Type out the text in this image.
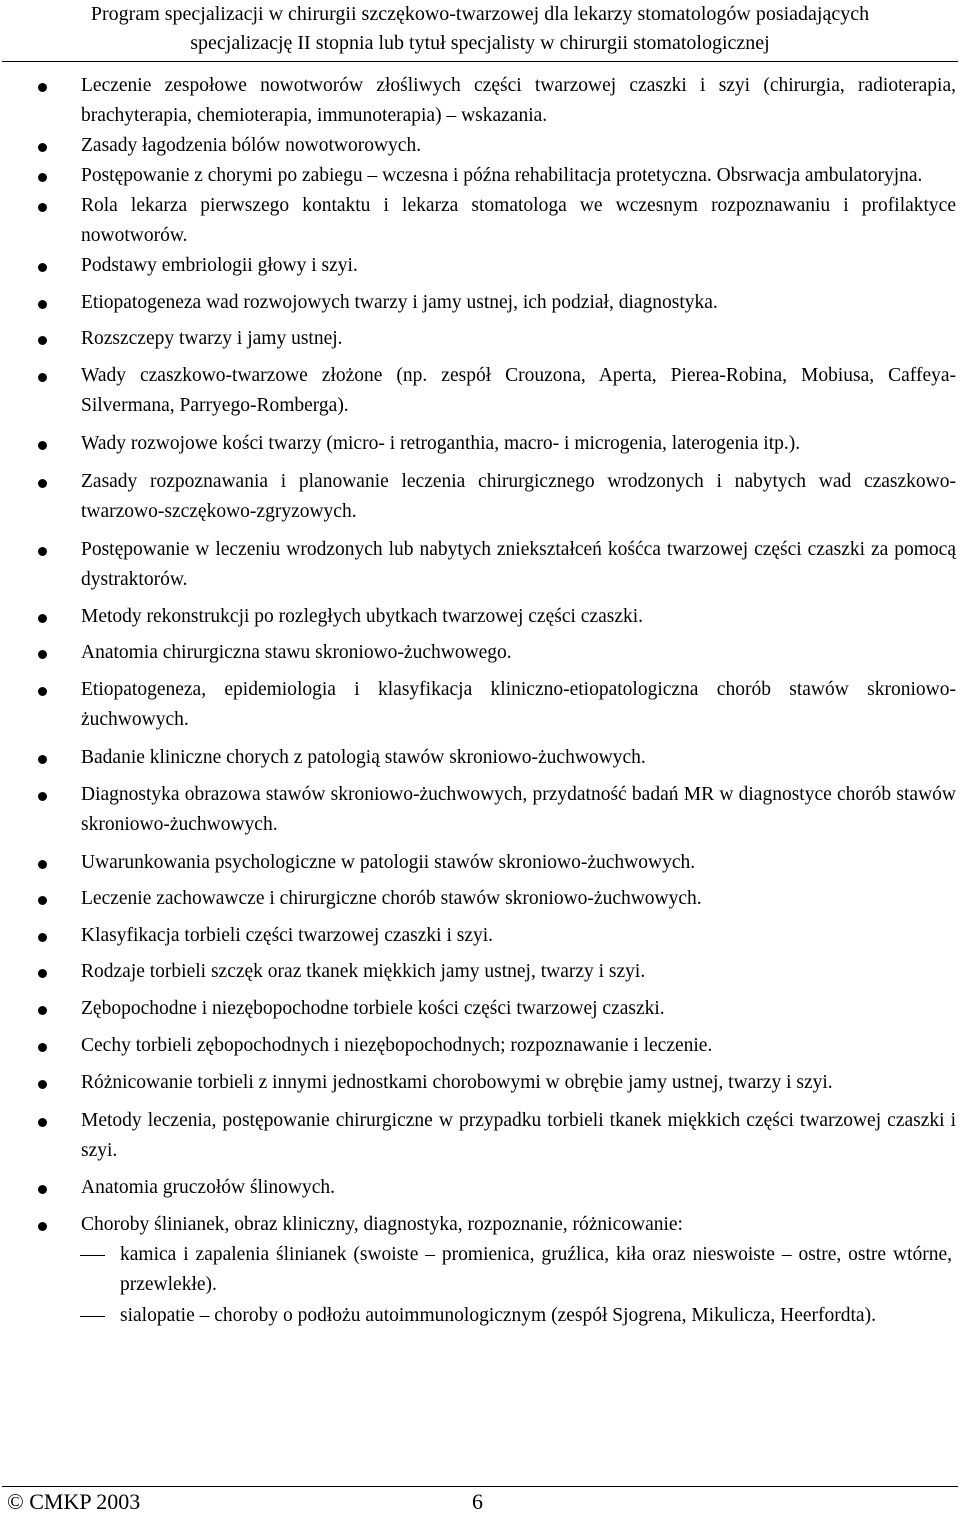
Program specjalizacji w chirurgii szczękowo-twarzowej dla lekarzy stomatologów posiadających
specjalizację II stopnia lub tytuł specjalisty w chirurgii stomatologicznej
Leczenie zespołowe nowotworów złośliwych części twarzowej czaszki i szyi (chirurgia, radioterapia, brachyterapia, chemioterapia, immunoterapia) – wskazania.
Zasady łagodzenia bólów nowotworowych.
Postępowanie z chorymi po zabiegu – wczesna i późna rehabilitacja protetyczna. Obsrwacja ambulatoryjna.
Rola lekarza pierwszego kontaktu i lekarza stomatologa we wczesnym rozpoznawaniu i profilaktyce nowotworów.
Podstawy embriologii głowy i szyi.
Etiopatogeneza wad rozwojowych twarzy i jamy ustnej, ich podział, diagnostyka.
Rozszczepy twarzy i jamy ustnej.
Wady czaszkowo-twarzowe złożone (np. zespół Crouzona, Aperta, Pierea-Robina, Mobiusa, Caffeya-Silvermana, Parryego-Romberga).
Wady rozwojowe kości twarzy (micro- i retroganthia, macro- i microgenia, laterogenia itp.).
Zasady rozpoznawania i planowanie leczenia chirurgicznego wrodzonych i nabytych wad czaszkowo-twarzowo-szczękowo-zgryzowych.
Postępowanie w leczeniu wrodzonych lub nabytych zniekształceń kośćca twarzowej części czaszki za pomocą dystraktorów.
Metody rekonstrukcji po rozległych ubytkach twarzowej części czaszki.
Anatomia chirurgiczna stawu skroniowo-żuchwowego.
Etiopatogeneza, epidemiologia i klasyfikacja kliniczno-etiopatologiczna chorób stawów skroniowo-żuchwowych.
Badanie kliniczne chorych z patologią stawów skroniowo-żuchwowych.
Diagnostyka obrazowa stawów skroniowo-żuchwowych, przydatność badań MR w diagnostyce chorób stawów skroniowo-żuchwowych.
Uwarunkowania psychologiczne w patologii stawów skroniowo-żuchwowych.
Leczenie zachowawcze i chirurgiczne chorób stawów skroniowo-żuchwowych.
Klasyfikacja torbieli części twarzowej czaszki i szyi.
Rodzaje torbieli szczęk oraz tkanek miękkich jamy ustnej, twarzy i szyi.
Zębopochodne i niezębopochodne torbiele kości części twarzowej czaszki.
Cechy torbieli zębopochodnych i niezębopochodnych; rozpoznawanie i leczenie.
Różnicowanie torbieli z innymi jednostkami chorobowymi w obrębie jamy ustnej, twarzy i szyi.
Metody leczenia, postępowanie chirurgiczne w przypadku torbieli tkanek miękkich części twarzowej czaszki i szyi.
Anatomia gruczołów ślinowych.
Choroby ślinianek, obraz kliniczny, diagnostyka, rozpoznanie, różnicowanie:
kamica i zapalenia ślinianek (swoiste – promienica, gruźlica, kiła oraz nieswoiste – ostre, ostre wtórne, przewlekłe).
sialopatie – choroby o podłożu autoimmunologicznym (zespół Sjogrena, Mikulicza, Heerfordta).
© CMKP 2003	6
